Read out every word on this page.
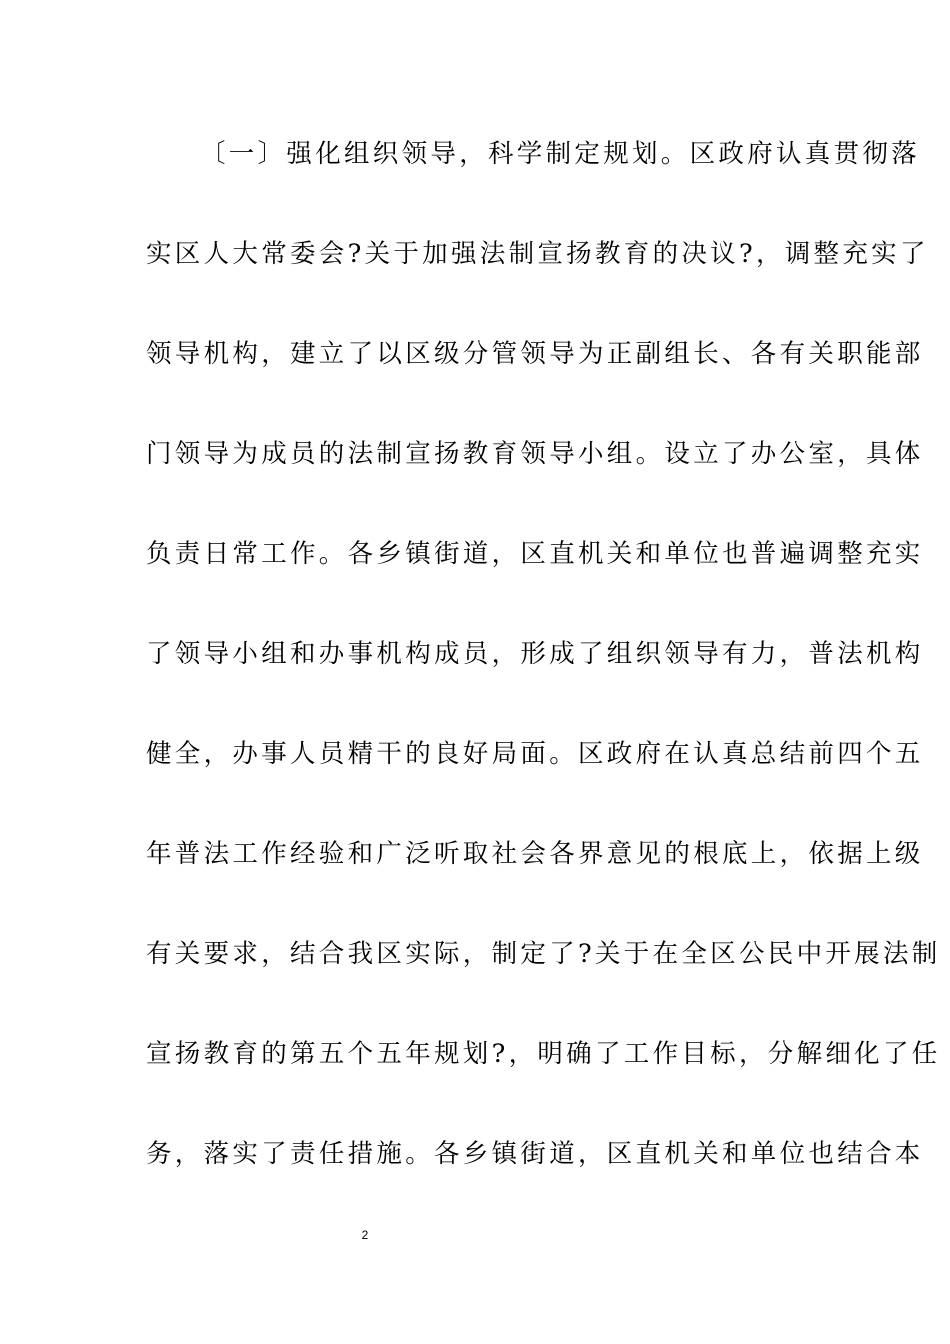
〔一〕强化组织领导，科学制定规划。区政府认真贯彻落
实区人大常委会?关于加强法制宣扬教育的决议?，调整充实了
领导机构，建立了以区级分管领导为正副组长、各有关职能部
门领导为成员的法制宣扬教育领导小组。设立了办公室，具体
负责日常工作。各乡镇街道，区直机关和单位也普遍调整充实
了领导小组和办事机构成员，形成了组织领导有力，普法机构
健全，办事人员精干的良好局面。区政府在认真总结前四个五
年普法工作经验和广泛听取社会各界意见的根底上，依据上级
有关要求，结合我区实际，制定了?关于在全区公民中开展法制
宣扬教育的第五个五年规划?，明确了工作目标，分解细化了任
务，落实了责任措施。各乡镇街道，区直机关和单位也结合本
2
